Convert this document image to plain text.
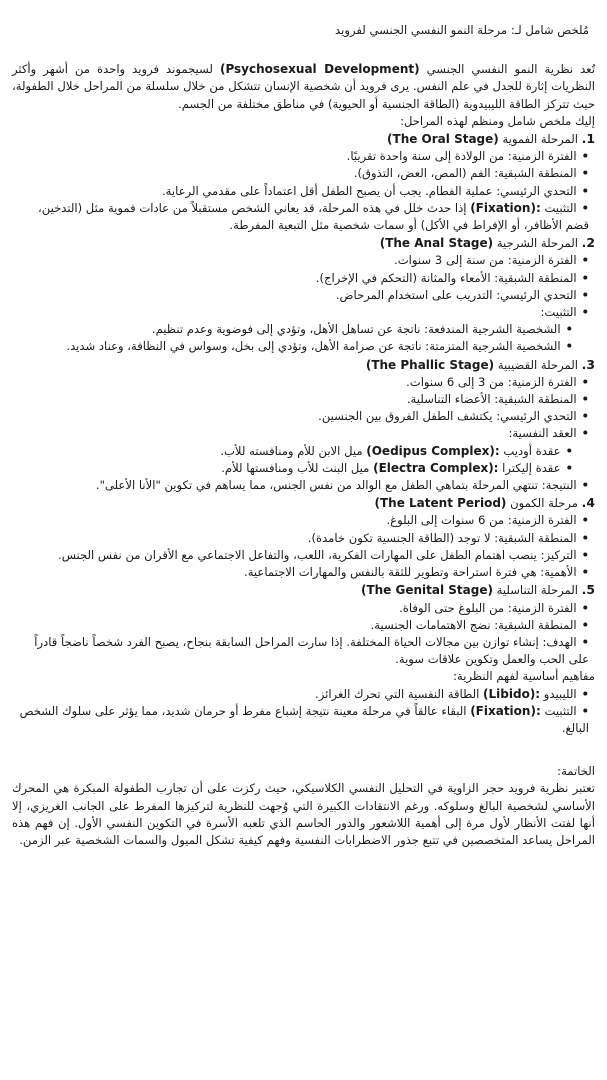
مُلخص شامل لـ: مرحلة النمو النفسي الجنسي لفرويد

تُعد نظرية النمو النفسي الجنسي (Psychosexual Development) لسيجموند فرويد واحدة من أشهر وأكثر النظريات إثارة للجدل في علم النفس. يرى فرويد أن شخصية الإنسان تتشكل من خلال سلسلة من المراحل خلال الطفولة، حيث تتركز الطاقة الليبيدوية (الطاقة الجنسية أو الحيوية) في مناطق مختلفة من الجسم.

إليك ملخص شامل ومنظم لهذه المراحل:

1. المرحلة الفموية (The Oral Stage)

• الفترة الزمنية: من الولادة إلى سنة واحدة تقريبًا.
• المنطقة الشبقية: الفم (المص، العض، التذوق).
• التحدي الرئيسي: عملية الفطام. يجب أن يصبح الطفل أقل اعتماداً على مقدمي الرعاية.
• التثبيت (Fixation): إذا حدث خلل في هذه المرحلة، قد يعاني الشخص مستقبلاً من عادات فموية مثل (التدخين، قضم الأظافر، أو الإفراط في الأكل) أو سمات شخصية مثل التبعية المفرطة.

2. المرحلة الشرجية (The Anal Stage)

• الفترة الزمنية: من سنة إلى 3 سنوات.
• المنطقة الشبقية: الأمعاء والمثانة (التحكم في الإخراج).
• التحدي الرئيسي: التدريب على استخدام المرحاض.
• التثبيت:
• الشخصية الشرجية المندفعة: ناتجة عن تساهل الأهل، وتؤدي إلى فوضوية وعدم تنظيم.
• الشخصية الشرجية المتزمتة: ناتجة عن صرامة الأهل، وتؤدي إلى بخل، وسواس في النظافة، وعناد شديد.

3. المرحلة القضيبية (The Phallic Stage)

• الفترة الزمنية: من 3 إلى 6 سنوات.
• المنطقة الشبقية: الأعضاء التناسلية.
• التحدي الرئيسي: يكتشف الطفل الفروق بين الجنسين.
• العقد النفسية:
• عقدة أوديب (Oedipus Complex): ميل الابن للأم ومنافسته للأب.
• عقدة إليكترا (Electra Complex): ميل البنت للأب ومنافستها للأم.
• النتيجة: تنتهي المرحلة بتماهي الطفل مع الوالد من نفس الجنس، مما يساهم في تكوين "الأنا الأعلى".

4. مرحلة الكمون (The Latent Period)

• الفترة الزمنية: من 6 سنوات إلى البلوغ.
• المنطقة الشبقية: لا توجد (الطاقة الجنسية تكون خامدة).
• التركيز: ينصب اهتمام الطفل على المهارات الفكرية، اللعب، والتفاعل الاجتماعي مع الأقران من نفس الجنس.
• الأهمية: هي فترة استراحة وتطوير للثقة بالنفس والمهارات الاجتماعية.

5. المرحلة التناسلية (The Genital Stage)

• الفترة الزمنية: من البلوغ حتى الوفاة.
• المنطقة الشبقية: نضج الاهتمامات الجنسية.
• الهدف: إنشاء توازن بين مجالات الحياة المختلفة. إذا سارت المراحل السابقة بنجاح، يصبح الفرد شخصاً ناضجاً قادراً على الحب والعمل وتكوين علاقات سوية.

مفاهيم أساسية لفهم النظرية:

• الليبيدو (Libido): الطاقة النفسية التي تحرك الغرائز.
• التثبيت (Fixation): البقاء عالقاً في مرحلة معينة نتيجة إشباع مفرط أو حرمان شديد، مما يؤثر على سلوك الشخص البالغ.

الخاتمة:

تعتبر نظرية فرويد حجر الزاوية في التحليل النفسي الكلاسيكي، حيث ركزت على أن تجارب الطفولة المبكرة هي المحرك الأساسي لشخصية البالغ وسلوكه. ورغم الانتقادات الكبيرة التي وُجهت للنظرية لتركيزها المفرط على الجانب الغريزي، إلا أنها لفتت الأنظار لأول مرة إلى أهمية اللاشعور والدور الحاسم الذي تلعبه الأسرة في التكوين النفسي الأول. إن فهم هذه المراحل يساعد المتخصصين في تتبع جذور الاضطرابات النفسية وفهم كيفية تشكل الميول والسمات الشخصية عبر الزمن.
